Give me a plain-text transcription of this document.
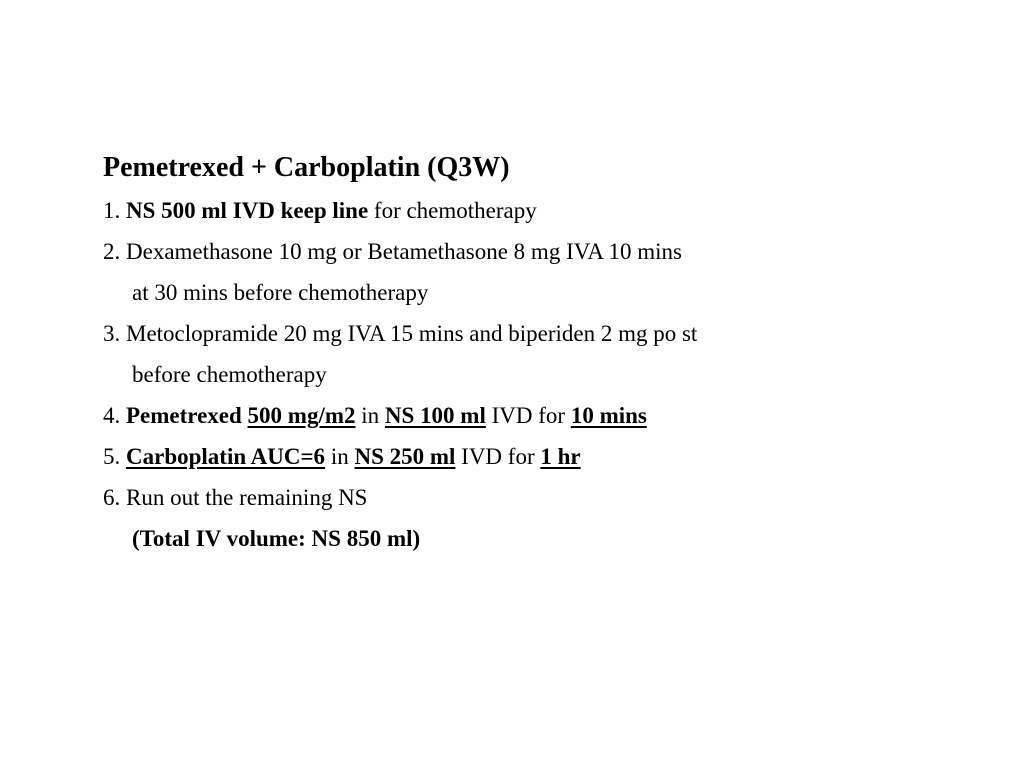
Pemetrexed + Carboplatin (Q3W)
1. NS 500 ml IVD keep line for chemotherapy
2. Dexamethasone 10 mg or Betamethasone 8 mg IVA 10 mins
at 30 mins before chemotherapy
3. Metoclopramide 20 mg IVA 15 mins and biperiden 2 mg po st
before chemotherapy
4. Pemetrexed 500 mg/m2 in NS 100 ml IVD for 10 mins
5. Carboplatin AUC=6 in NS 250 ml IVD for 1 hr
6. Run out the remaining NS
(Total IV volume: NS 850 ml)
